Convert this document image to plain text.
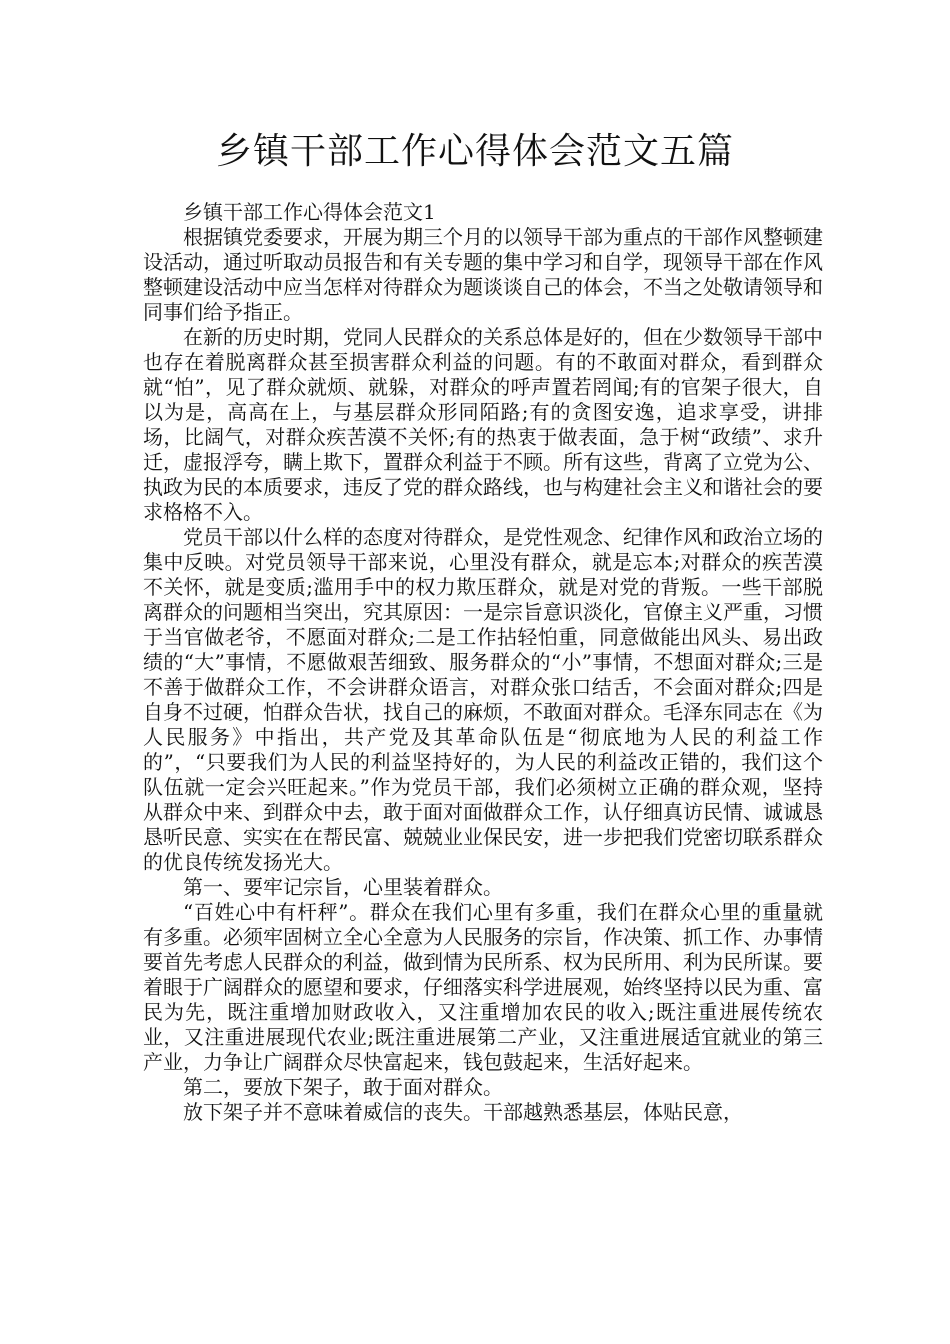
乡镇干部工作心得体会范文五篇

乡镇干部工作心得体会范文1

根据镇党委要求，开展为期三个月的以领导干部为重点的干部作风整顿建设活动，通过听取动员报告和有关专题的集中学习和自学，现领导干部在作风整顿建设活动中应当怎样对待群众为题谈谈自己的体会，不当之处敬请领导和同事们给予指正。

在新的历史时期，党同人民群众的关系总体是好的，但在少数领导干部中也存在着脱离群众甚至损害群众利益的问题。有的不敢面对群众，看到群众就“怕”，见了群众就烦、就躲，对群众的呼声置若罔闻;有的官架子很大，自以为是，高高在上，与基层群众形同陌路;有的贪图安逸，追求享受，讲排场，比阔气，对群众疾苦漠不关怀;有的热衷于做表面，急于树“政绩”、求升迁，虚报浮夸，瞒上欺下，置群众利益于不顾。所有这些，背离了立党为公、执政为民的本质要求，违反了党的群众路线，也与构建社会主义和谐社会的要求格格不入。

党员干部以什么样的态度对待群众，是党性观念、纪律作风和政治立场的集中反映。对党员领导干部来说，心里没有群众，就是忘本;对群众的疾苦漠不关怀，就是变质;滥用手中的权力欺压群众，就是对党的背叛。一些干部脱离群众的问题相当突出，究其原因：一是宗旨意识淡化，官僚主义严重，习惯于当官做老爷，不愿面对群众;二是工作拈轻怕重，同意做能出风头、易出政绩的“大”事情，不愿做艰苦细致、服务群众的“小”事情，不想面对群众;三是不善于做群众工作，不会讲群众语言，对群众张口结舌，不会面对群众;四是自身不过硬，怕群众告状，找自己的麻烦，不敢面对群众。毛泽东同志在《为人民服务》中指出，共产党及其革命队伍是“彻底地为人民的利益工作的”，“只要我们为人民的利益坚持好的，为人民的利益改正错的，我们这个队伍就一定会兴旺起来。”作为党员干部，我们必须树立正确的群众观，坚持从群众中来、到群众中去，敢于面对面做群众工作，认仔细真访民情、诚诚恳恳听民意、实实在在帮民富、兢兢业业保民安，进一步把我们党密切联系群众的优良传统发扬光大。

第一、要牢记宗旨，心里装着群众。

“百姓心中有杆秤”。群众在我们心里有多重，我们在群众心里的重量就有多重。必须牢固树立全心全意为人民服务的宗旨，作决策、抓工作、办事情要首先考虑人民群众的利益，做到情为民所系、权为民所用、利为民所谋。要着眼于广阔群众的愿望和要求，仔细落实科学进展观，始终坚持以民为重、富民为先，既注重增加财政收入，又注重增加农民的收入;既注重进展传统农业，又注重进展现代农业;既注重进展第二产业，又注重进展适宜就业的第三产业，力争让广阔群众尽快富起来，钱包鼓起来，生活好起来。

第二，要放下架子，敢于面对群众。

放下架子并不意味着威信的丧失。干部越熟悉基层，体贴民意，
